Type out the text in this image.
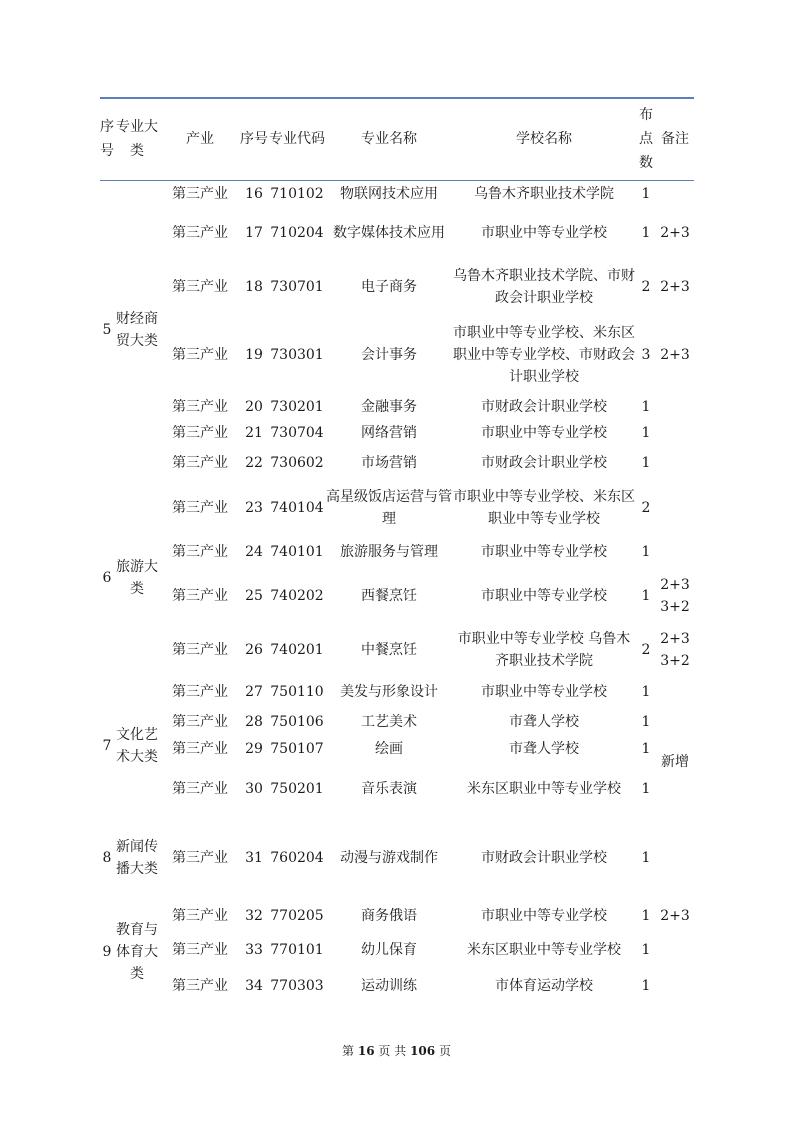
序号	专业大类	产业	序号	专业代码	专业名称	学校名称	布点数	备注
5	财经商贸大类	第三产业	16	710102	物联网技术应用	乌鲁木齐职业技术学院	1	
		第三产业	17	710204	数字媒体技术应用	市职业中等专业学校	1	2+3
		第三产业	18	730701	电子商务	乌鲁木齐职业技术学院、市财政会计职业学校	2	2+3
		第三产业	19	730301	会计事务	市职业中等专业学校、米东区职业中等专业学校、市财政会计职业学校	3	2+3
		第三产业	20	730201	金融事务	市财政会计职业学校	1	
		第三产业	21	730704	网络营销	市职业中等专业学校	1	
		第三产业	22	730602	市场营销	市财政会计职业学校	1	
6	旅游大类	第三产业	23	740104	高星级饭店运营与管理	市职业中等专业学校、米东区职业中等专业学校	2	
		第三产业	24	740101	旅游服务与管理	市职业中等专业学校	1	
		第三产业	25	740202	西餐烹饪	市职业中等专业学校	1	2+3 3+2
		第三产业	26	740201	中餐烹饪	市职业中等专业学校 乌鲁木齐职业技术学院	2	2+3 3+2
7	文化艺术大类	第三产业	27	750110	美发与形象设计	市职业中等专业学校	1	
		第三产业	28	750106	工艺美术	市聋人学校	1	新增
		第三产业	29	750107	绘画	市聋人学校	1	
		第三产业	30	750201	音乐表演	米东区职业中等专业学校	1	
8	新闻传播大类	第三产业	31	760204	动漫与游戏制作	市财政会计职业学校	1	
9	教育与体育大类	第三产业	32	770205	商务俄语	市职业中等专业学校	1	2+3
		第三产业	33	770101	幼儿保育	米东区职业中等专业学校	1	
		第三产业	34	770303	运动训练	市体育运动学校	1	
第 16 页 共 106 页
